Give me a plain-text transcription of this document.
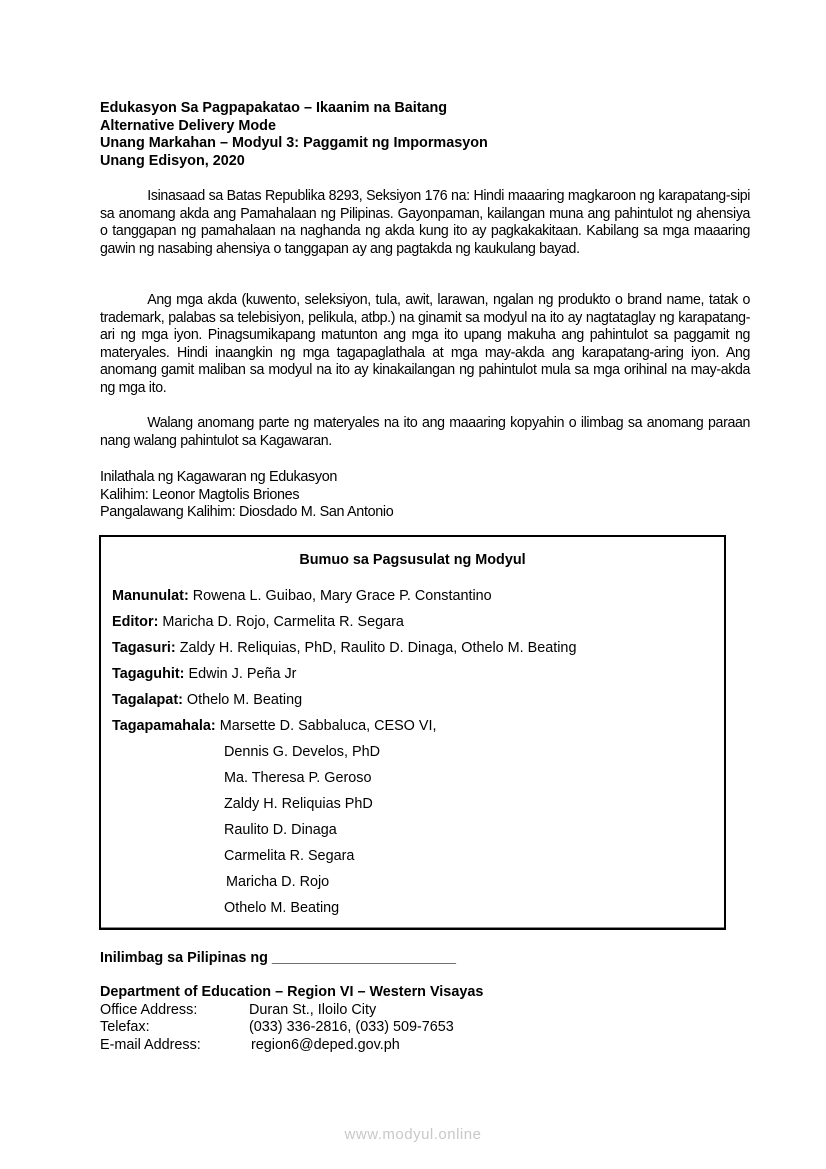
Edukasyon Sa Pagpapakatao – Ikaanim na Baitang
Alternative Delivery Mode
Unang Markahan – Modyul 3: Paggamit ng Impormasyon
Unang Edisyon, 2020

Isinasaad sa Batas Republika 8293, Seksiyon 176 na: Hindi maaaring magkaroon ng karapatang-sipi sa anomang akda ang Pamahalaan ng Pilipinas. Gayonpaman, kailangan muna ang pahintulot ng ahensiya o tanggapan ng pamahalaan na naghanda ng akda kung ito ay pagkakakitaan. Kabilang sa mga maaaring gawin ng nasabing ahensiya o tanggapan ay ang pagtakda ng kaukulang bayad.

Ang mga akda (kuwento, seleksiyon, tula, awit, larawan, ngalan ng produkto o brand name, tatak o trademark, palabas sa telebisiyon, pelikula, atbp.) na ginamit sa modyul na ito ay nagtataglay ng karapatang-ari ng mga iyon. Pinagsumikapang matunton ang mga ito upang makuha ang pahintulot sa paggamit ng materyales. Hindi inaangkin ng mga tagapaglathala at mga may-akda ang karapatang-aring iyon. Ang anomang gamit maliban sa modyul na ito ay kinakailangan ng pahintulot mula sa mga orihinal na may-akda ng mga ito.

Walang anomang parte ng materyales na ito ang maaaring kopyahin o ilimbag sa anomang paraan nang walang pahintulot sa Kagawaran.

Inilathala ng Kagawaran ng Edukasyon
Kalihim: Leonor Magtolis Briones
Pangalawang Kalihim: Diosdado M. San Antonio
Bumuo sa Pagsusulat ng Modyul
Manunulat: Rowena L. Guibao, Mary Grace P. Constantino
Editor: Maricha D. Rojo, Carmelita R. Segara
Tagasuri: Zaldy H. Reliquias, PhD, Raulito D. Dinaga, Othelo M. Beating
Tagaguhit: Edwin J. Peña Jr
Tagalapat: Othelo M. Beating
Tagapamahala: Marsette D. Sabbaluca, CESO VI,
Dennis G. Develos, PhD
Ma. Theresa P. Geroso
Zaldy H. Reliquias PhD
Raulito D. Dinaga
Carmelita R. Segara
Maricha D. Rojo
Othelo M. Beating
Inilimbag sa Pilipinas ng _______________________
Department of Education – Region VI – Western Visayas
Office Address:	Duran St., Iloilo City
Telefax:	(033) 336-2816, (033) 509-7653
E-mail Address:	region6@deped.gov.ph
www.modyul.online
